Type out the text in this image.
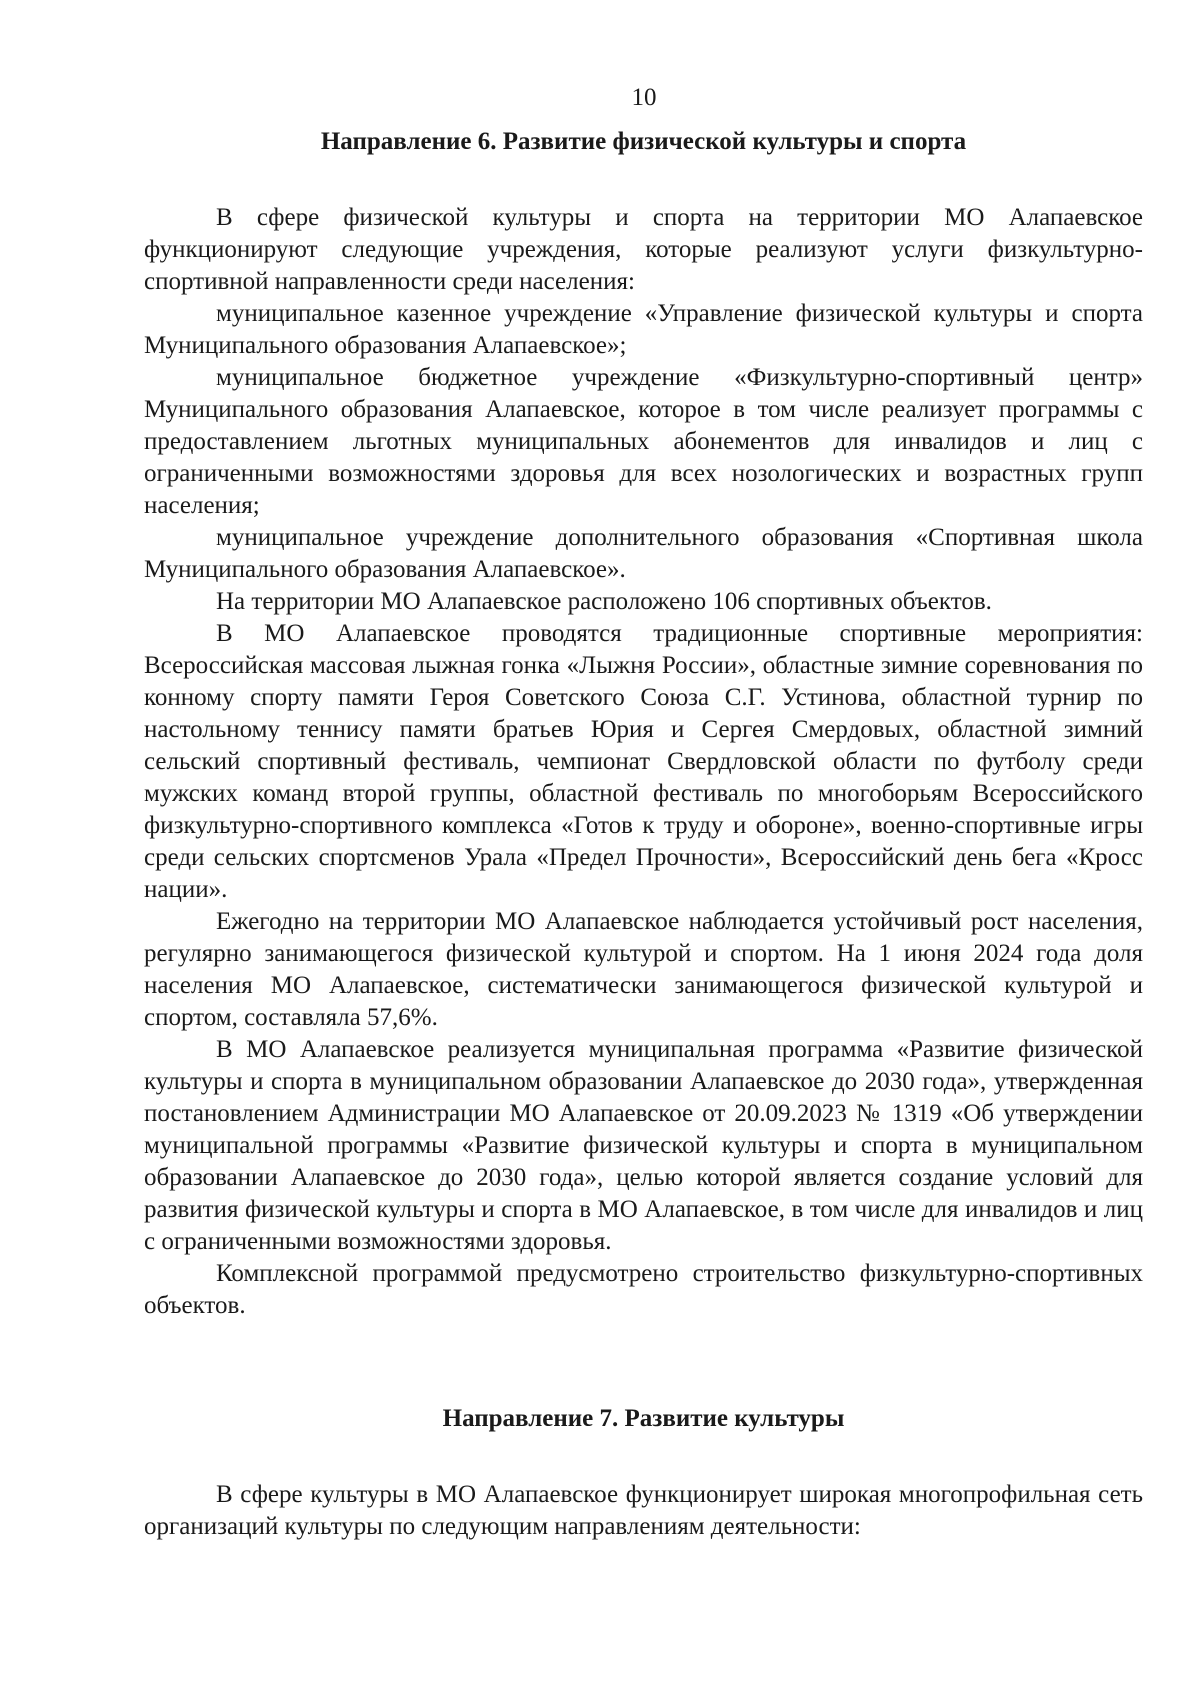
10
Направление 6. Развитие физической культуры и спорта

В сфере физической культуры и спорта на территории МО Алапаевское функционируют следующие учреждения, которые реализуют услуги физкультурно-спортивной направленности среди населения:

муниципальное казенное учреждение «Управление физической культуры и спорта Муниципального образования Алапаевское»;

муниципальное бюджетное учреждение «Физкультурно-спортивный центр» Муниципального образования Алапаевское, которое в том числе реализует программы с предоставлением льготных муниципальных абонементов для инвалидов и лиц с ограниченными возможностями здоровья для всех нозологических и возрастных групп населения;

муниципальное учреждение дополнительного образования «Спортивная школа Муниципального образования Алапаевское».

На территории МО Алапаевское расположено 106 спортивных объектов.

В МО Алапаевское проводятся традиционные спортивные мероприятия: Всероссийская массовая лыжная гонка «Лыжня России», областные зимние соревнования по конному спорту памяти Героя Советского Союза С.Г. Устинова, областной турнир по настольному теннису памяти братьев Юрия и Сергея Смердовых, областной зимний сельский спортивный фестиваль, чемпионат Свердловской области по футболу среди мужских команд второй группы, областной фестиваль по многоборьям Всероссийского физкультурно-спортивного комплекса «Готов к труду и обороне», военно-спортивные игры среди сельских спортсменов Урала «Предел Прочности», Всероссийский день бега «Кросс нации».

Ежегодно на территории МО Алапаевское наблюдается устойчивый рост населения, регулярно занимающегося физической культурой и спортом. На 1 июня 2024 года доля населения МО Алапаевское, систематически занимающегося физической культурой и спортом, составляла 57,6%.

В МО Алапаевское реализуется муниципальная программа «Развитие физической культуры и спорта в муниципальном образовании Алапаевское до 2030 года», утвержденная постановлением Администрации МО Алапаевское от 20.09.2023 № 1319 «Об утверждении муниципальной программы «Развитие физической культуры и спорта в муниципальном образовании Алапаевское до 2030 года», целью которой является создание условий для развития физической культуры и спорта в МО Алапаевское, в том числе для инвалидов и лиц с ограниченными возможностями здоровья.

Комплексной программой предусмотрено строительство физкультурно-спортивных объектов.

Направление 7. Развитие культуры

В сфере культуры в МО Алапаевское функционирует широкая многопрофильная сеть организаций культуры по следующим направлениям деятельности:
